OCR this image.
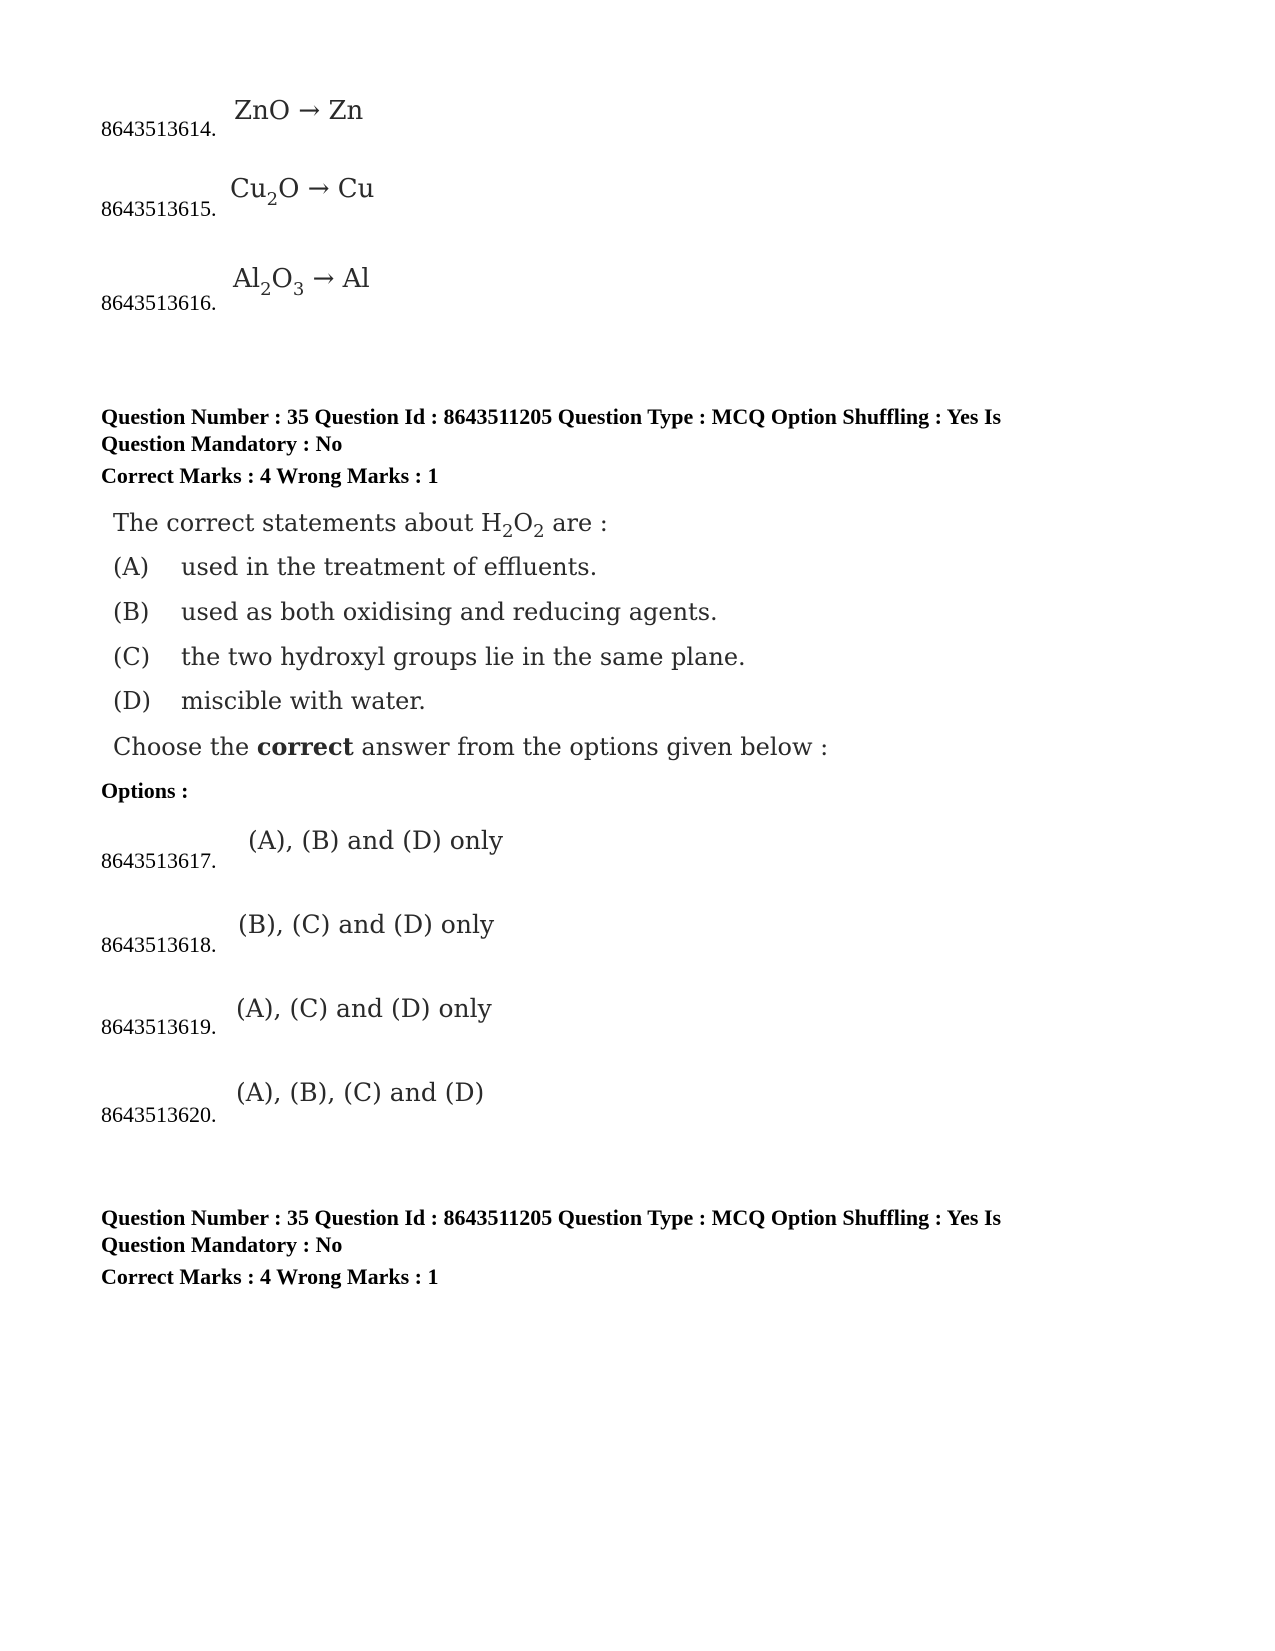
8643513614.
ZnO → Zn
8643513615.
$Cu_2O \to Cu$
8643513616.
$Al_2O_3 \to Al$
Question Number : 35 Question Id : 8643511205 Question Type : MCQ Option Shuffling : Yes Is
Question Mandatory : No
Correct Marks : 4 Wrong Marks : 1
The correct statements about $H_2O_2$ are :
(A) used in the treatment of effluents.
(B) used as both oxidising and reducing agents.
(C) the two hydroxyl groups lie in the same plane.
(D) miscible with water.
Choose the correct answer from the options given below :
Options :
8643513617.
(A), (B) and (D) only
8643513618.
(B), (C) and (D) only
8643513619.
(A), (C) and (D) only
8643513620.
(A), (B), (C) and (D)
Question Number : 35 Question Id : 8643511205 Question Type : MCQ Option Shuffling : Yes Is
Question Mandatory : No
Correct Marks : 4 Wrong Marks : 1
